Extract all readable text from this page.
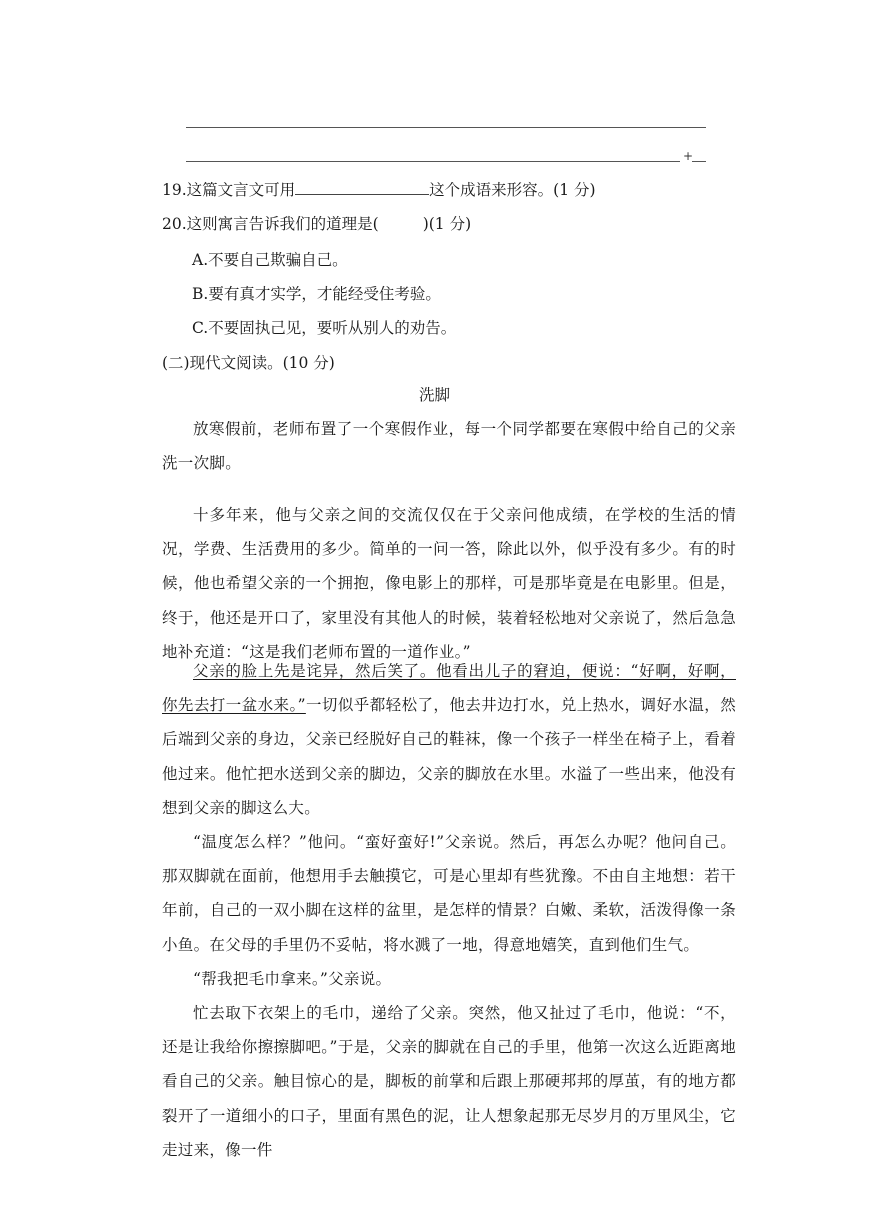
+
19.这篇文言文可用	这个成语来形容。(1 分)
20.这则寓言告诉我们的道理是(	)(1 分)
A.不要自己欺骗自己。
B.要有真才实学，才能经受住考验。
C.不要固执己见，要听从别人的劝告。
(二)现代文阅读。(10 分)
洗脚
放寒假前，老师布置了一个寒假作业，每一个同学都要在寒假中给自己的父亲洗一次脚。
十多年来，他与父亲之间的交流仅仅在于父亲问他成绩，在学校的生活的情况，学费、生活费用的多少。简单的一问一答，除此以外，似乎没有多少。有的时候，他也希望父亲的一个拥抱，像电影上的那样，可是那毕竟是在电影里。但是，终于，他还是开口了，家里没有其他人的时候，装着轻松地对父亲说了，然后急急地补充道：“这是我们老师布置的一道作业。”
父亲的脸上先是诧异，然后笑了。他看出儿子的窘迫，便说：“好啊，好啊，你先去打一盆水来。”一切似乎都轻松了，他去井边打水，兑上热水，调好水温，然后端到父亲的身边，父亲已经脱好自己的鞋袜，像一个孩子一样坐在椅子上，看着他过来。他忙把水送到父亲的脚边，父亲的脚放在水里。水溢了一些出来，他没有想到父亲的脚这么大。
“温度怎么样？”他问。“蛮好蛮好!”父亲说。然后，再怎么办呢？他问自己。那双脚就在面前，他想用手去触摸它，可是心里却有些犹豫。不由自主地想：若干年前，自己的一双小脚在这样的盆里，是怎样的情景？白嫩、柔软，活泼得像一条小鱼。在父母的手里仍不妥帖，将水溅了一地，得意地嬉笑，直到他们生气。
“帮我把毛巾拿来。”父亲说。
忙去取下衣架上的毛巾，递给了父亲。突然，他又扯过了毛巾，他说：“不，还是让我给你擦擦脚吧。”于是，父亲的脚就在自己的手里，他第一次这么近距离地看自己的父亲。触目惊心的是，脚板的前掌和后跟上那硬邦邦的厚茧，有的地方都裂开了一道细小的口子，里面有黑色的泥，让人想象起那无尽岁月的万里风尘，它走过来，像一件
